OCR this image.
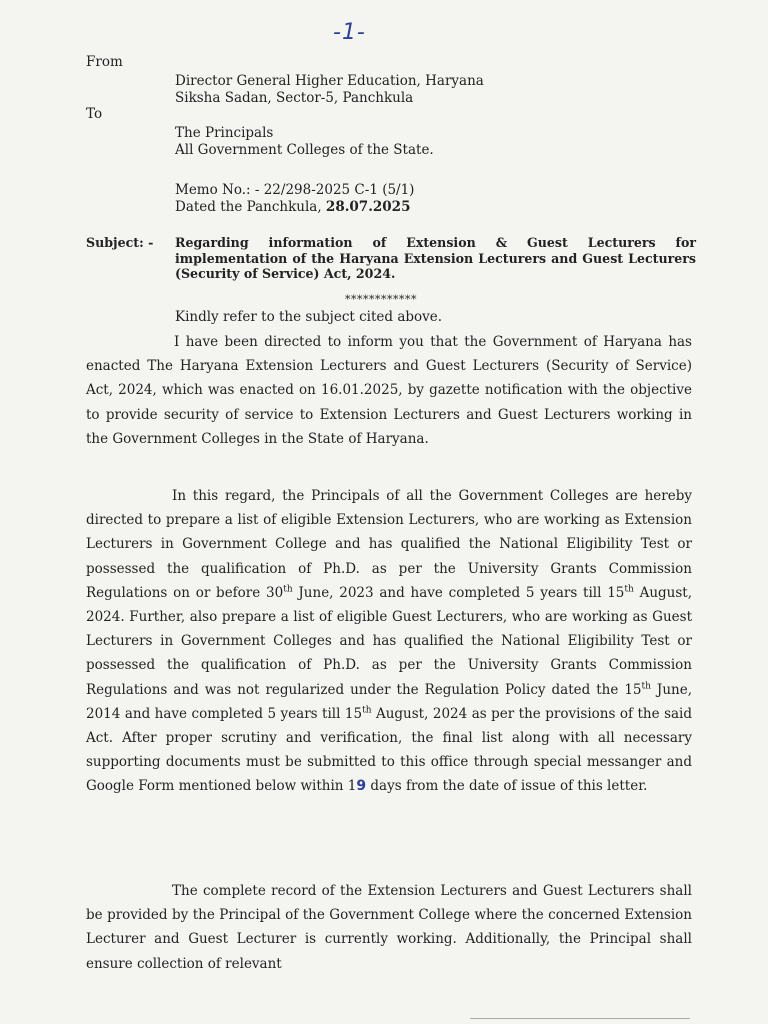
-1-
From
Director General Higher Education, Haryana
Siksha Sadan, Sector-5, Panchkula
To
The Principals
All Government Colleges of the State.
Memo No.: - 22/298-2025 C-1 (5/1)
Dated the Panchkula, 28.07.2025
Subject: - Regarding information of Extension & Guest Lecturers for implementation of the Haryana Extension Lecturers and Guest Lecturers (Security of Service) Act, 2024.
************
Kindly refer to the subject cited above.
I have been directed to inform you that the Government of Haryana has enacted The Haryana Extension Lecturers and Guest Lecturers (Security of Service) Act, 2024, which was enacted on 16.01.2025, by gazette notification with the objective to provide security of service to Extension Lecturers and Guest Lecturers working in the Government Colleges in the State of Haryana.
In this regard, the Principals of all the Government Colleges are hereby directed to prepare a list of eligible Extension Lecturers, who are working as Extension Lecturers in Government College and has qualified the National Eligibility Test or possessed the qualification of Ph.D. as per the University Grants Commission Regulations on or before 30th June, 2023 and have completed 5 years till 15th August, 2024. Further, also prepare a list of eligible Guest Lecturers, who are working as Guest Lecturers in Government Colleges and has qualified the National Eligibility Test or possessed the qualification of Ph.D. as per the University Grants Commission Regulations and was not regularized under the Regulation Policy dated the 15th June, 2014 and have completed 5 years till 15th August, 2024 as per the provisions of the said Act. After proper scrutiny and verification, the final list along with all necessary supporting documents must be submitted to this office through special messanger and Google Form mentioned below within 19 days from the date of issue of this letter.
The complete record of the Extension Lecturers and Guest Lecturers shall be provided by the Principal of the Government College where the concerned Extension Lecturer and Guest Lecturer is currently working. Additionally, the Principal shall ensure collection of relevant
